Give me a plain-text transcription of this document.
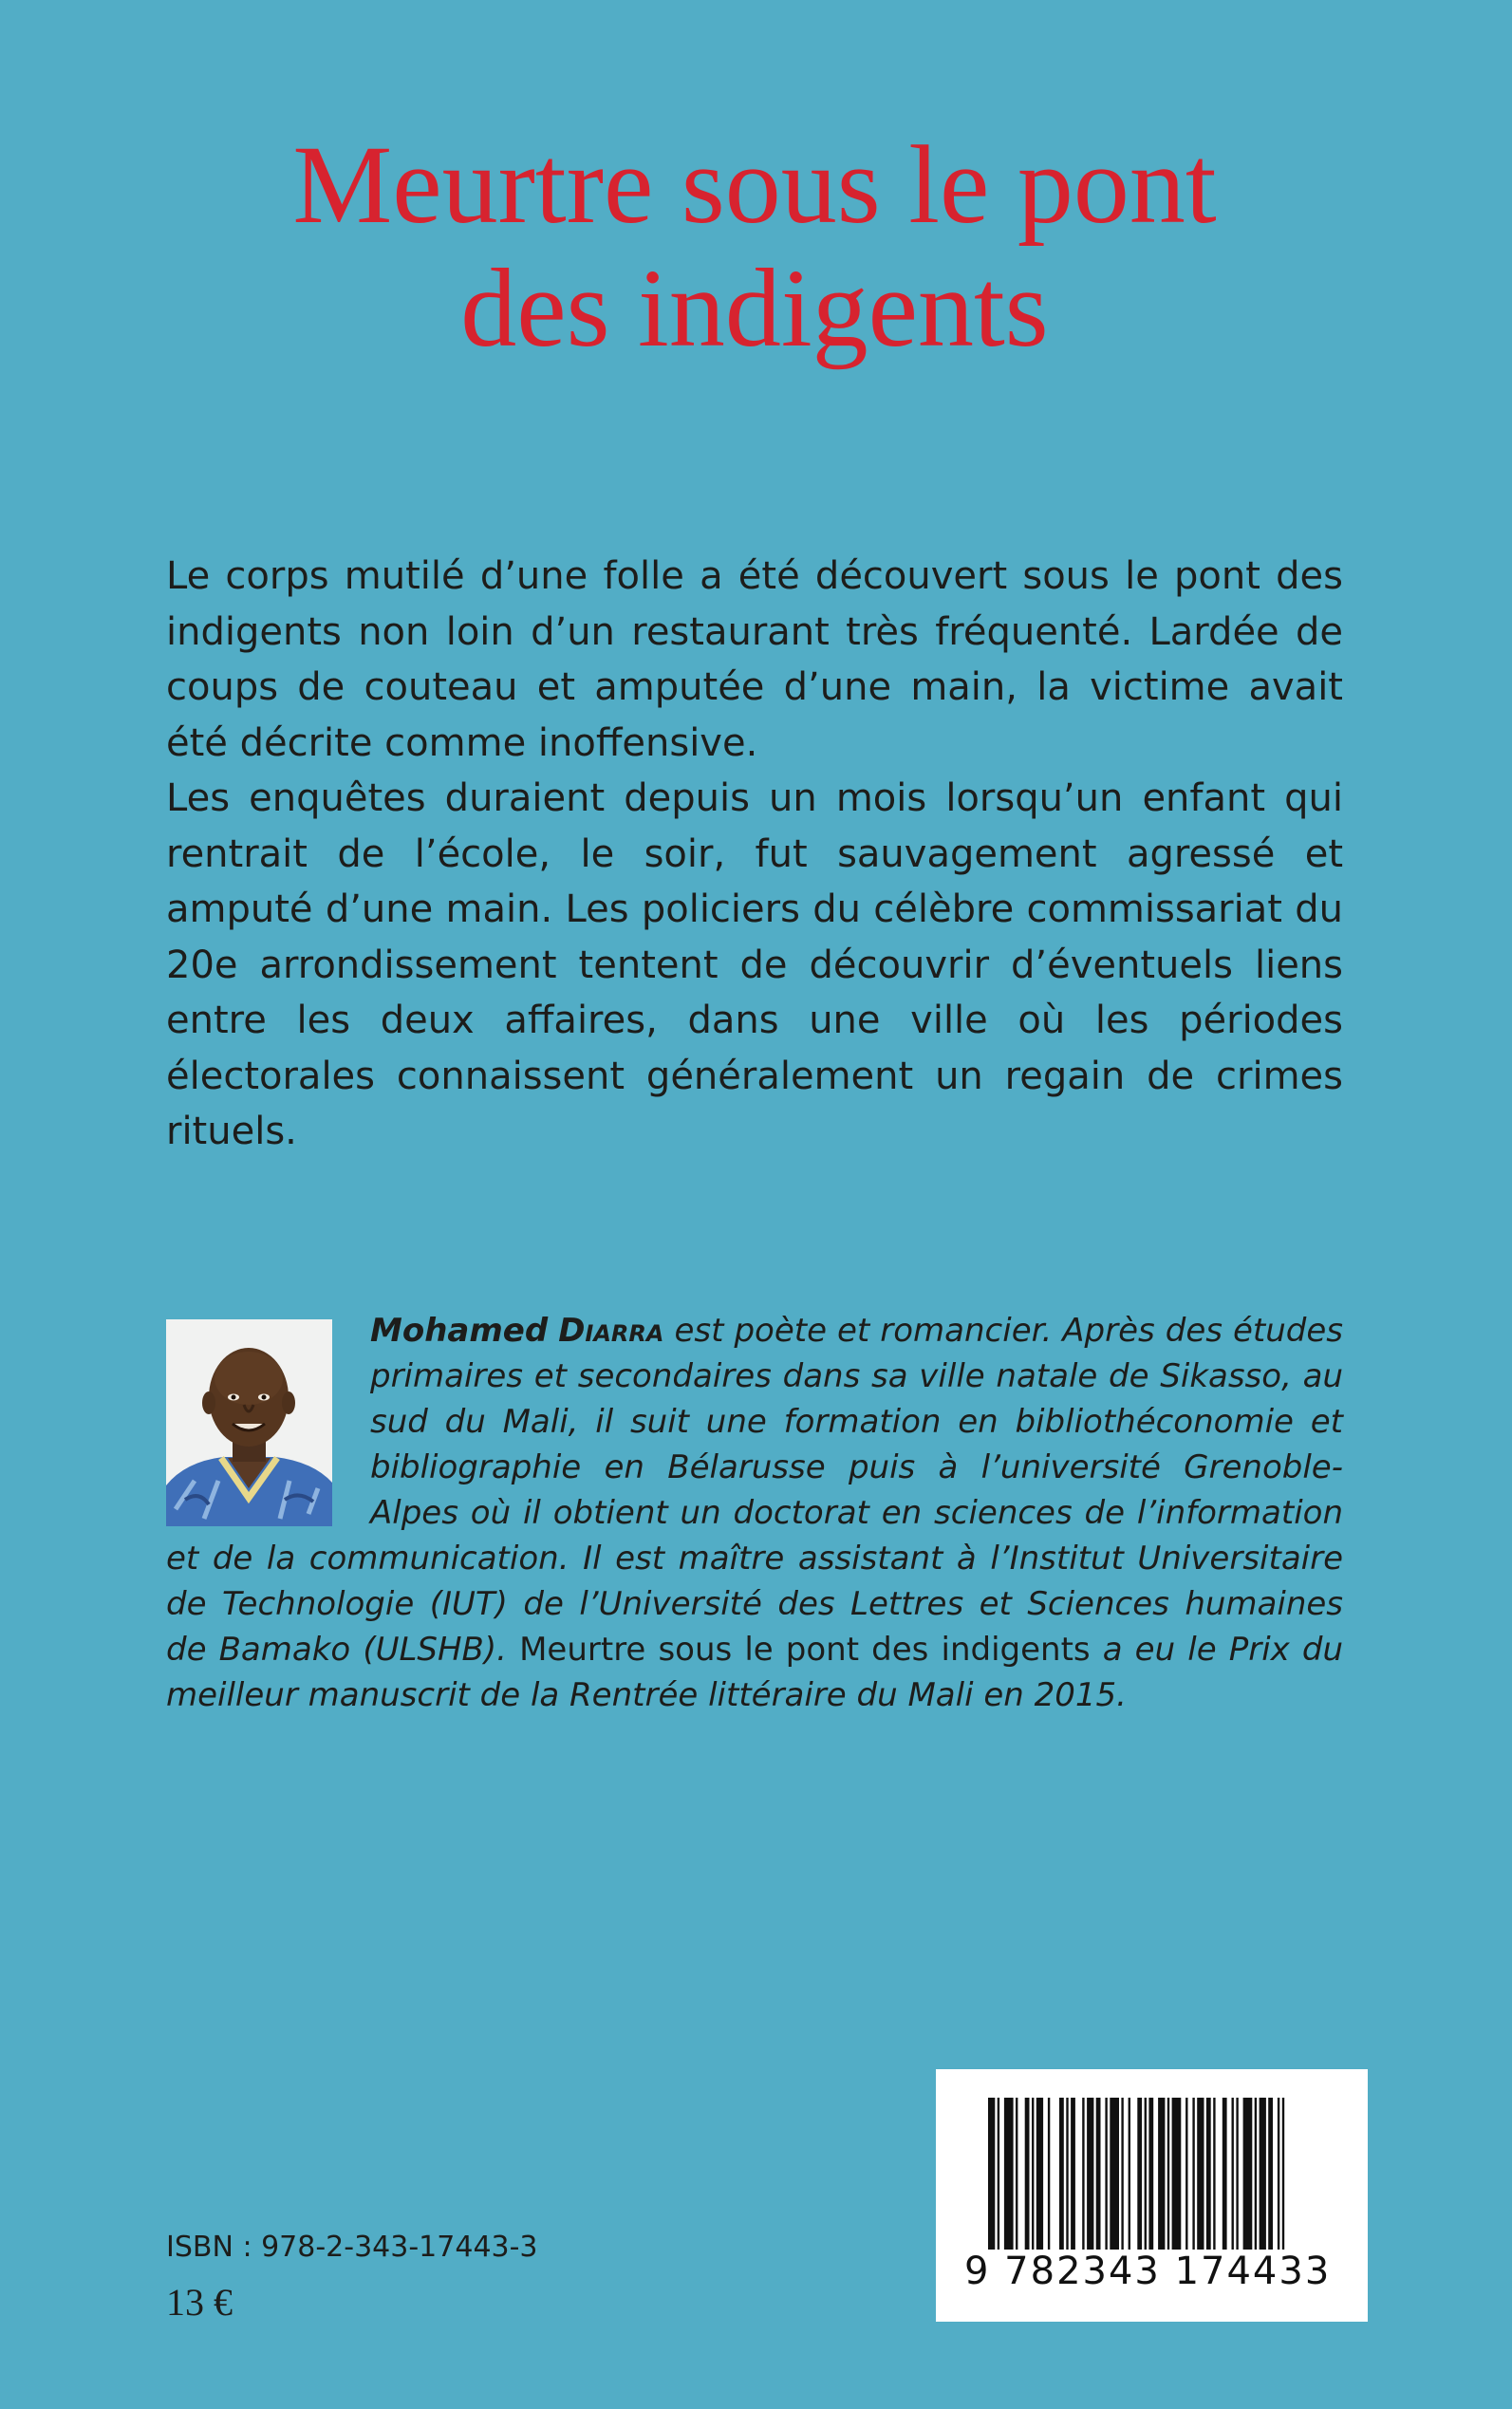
Meurtre sous le pont
des indigents

Le corps mutilé d’une folle a été découvert sous le pont des indigents non loin d’un restaurant très fréquenté. Lardée de coups de couteau et amputée d’une main, la victime avait été décrite comme inoffensive.

Les enquêtes duraient depuis un mois lorsqu’un enfant qui rentrait de l’école, le soir, fut sauvagement agressé et amputé d’une main. Les policiers du célèbre commissariat du 20e arrondissement tentent de découvrir d’éventuels liens entre les deux affaires, dans une ville où les périodes électorales connaissent généralement un regain de crimes rituels.

Mohamed Diarra est poète et romancier. Après des études primaires et secondaires dans sa ville natale de Sikasso, au sud du Mali, il suit une formation en bibliothéconomie et bibliographie en Bélarusse puis à l’université Grenoble-Alpes où il obtient un doctorat en sciences de l’information et de la communication. Il est maître assistant à l’Institut Universitaire de Technologie (IUT) de l’Université des Lettres et Sciences humaines de Bamako (ULSHB). Meurtre sous le pont des indigents a eu le Prix du meilleur manuscrit de la Rentrée littéraire du Mali en 2015.
9 782343 174433
ISBN : 978-2-343-17443-3
13 €
